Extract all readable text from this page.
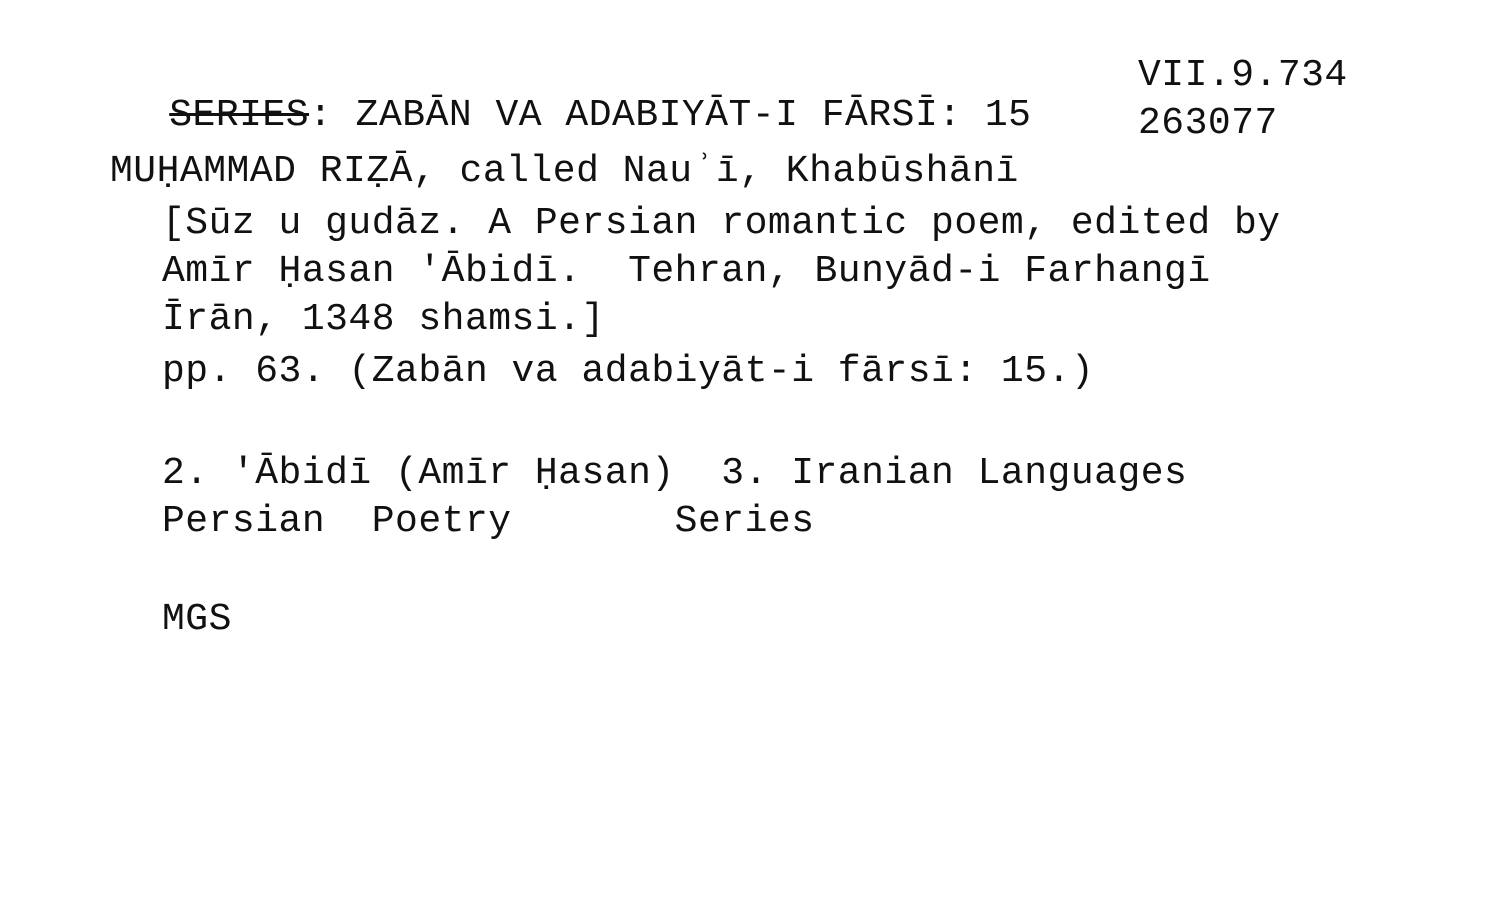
SERIES: ZABĀN VA ADABIYĀT-I FĀRSĪ: 15

VII.9.734
263077
MUḤAMMAD RIẒĀ, called Nauʾī, Khabūshānī
[Sūz u gudāz. A Persian romantic poem, edited by
Amīr Ḥasan 'Ābidī.  Tehran, Bunyād-i Farhangī
Īrān, 1348 shamsi.]
pp. 63. (Zabān va adabiyāt-i fārsī: 15.)
2. 'Ābidī (Amīr Ḥasan)  3. Iranian Languages
Persian  Poetry       Series
MGS
